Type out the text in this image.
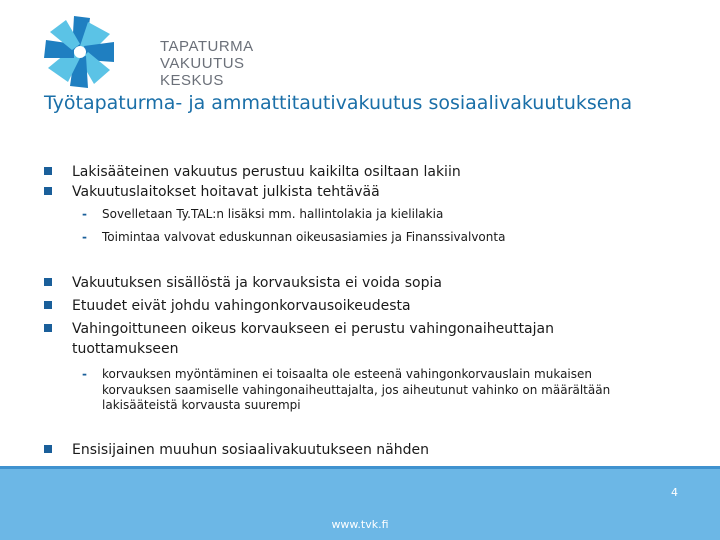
TAPATURMA
VAKUUTUS
KESKUS
Työtapaturma- ja ammattitautivakuutus sosiaalivakuutuksena
Lakisääteinen vakuutus perustuu kaikilta osiltaan lakiin
Vakuutuslaitokset hoitavat julkista tehtävää
- Sovelletaan Ty.TAL:n lisäksi mm. hallintolakia ja kielilakia
- Toimintaa valvovat eduskunnan oikeusasiamies ja Finanssivalvonta
Vakuutuksen sisällöstä ja korvauksista ei voida sopia
Etuudet eivät johdu vahingonkorvausoikeudesta
Vahingoittuneen oikeus korvaukseen ei perustu vahingonaiheuttajan tuottamukseen
- korvauksen myöntäminen ei toisaalta ole esteenä vahingonkorvauslain mukaisen korvauksen saamiselle vahingonaiheuttajalta, jos aiheutunut vahinko on määrältään lakisääteistä korvausta suurempi
Ensisijainen muuhun sosiaalivakuutukseen nähden
www.tvk.fi
4
